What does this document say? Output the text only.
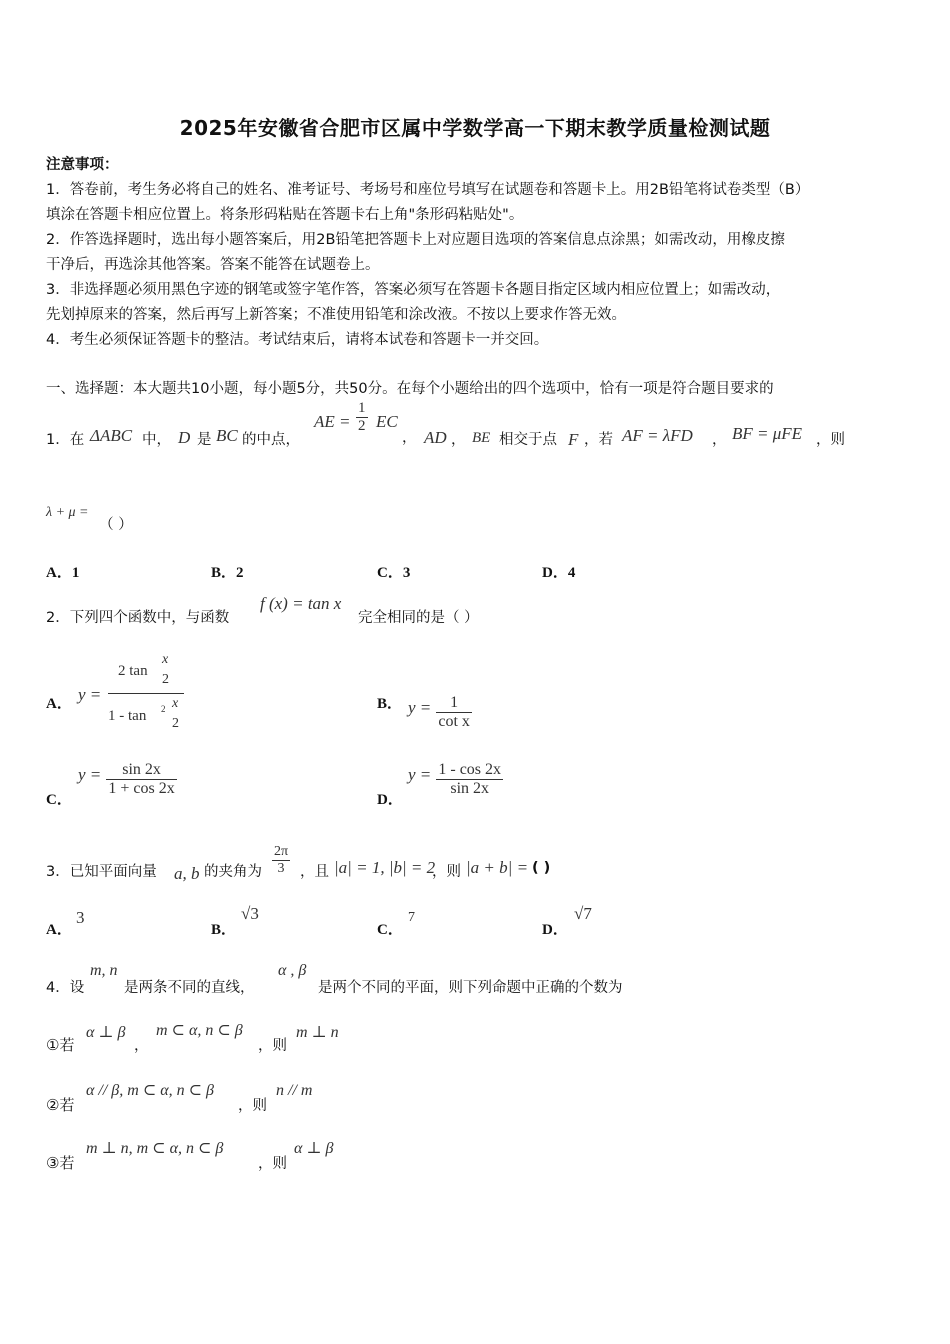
2025年安徽省合肥市区属中学数学高一下期末教学质量检测试题
注意事项：
1．答卷前，考生务必将自己的姓名、准考证号、考场号和座位号填写在试题卷和答题卡上。用2B铅笔将试卷类型（B）
填涂在答题卡相应位置上。将条形码粘贴在答题卡右上角"条形码粘贴处"。
2．作答选择题时，选出每小题答案后，用2B铅笔把答题卡上对应题目选项的答案信息点涂黑；如需改动，用橡皮擦
干净后，再选涂其他答案。答案不能答在试题卷上。
3．非选择题必须用黑色字迹的钢笔或签字笔作答，答案必须写在答题卡各题目指定区域内相应位置上；如需改动，
先划掉原来的答案，然后再写上新答案；不准使用铅笔和涂改液。不按以上要求作答无效。
4．考生必须保证答题卡的整洁。考试结束后，请将本试卷和答题卡一并交回。
一、选择题：本大题共10小题，每小题5分，共50分。在每个小题给出的四个选项中，恰有一项是符合题目要求的
1．在 ΔABC 中， D 是 BC 的中点，
AE = $\frac{1}{2}$ EC
， AD ， BE 相交于点 F ，若 AF = λFD ， BF = μFE ，则
λ + μ = （ ）
A．1	B．2	C．3	D．4
2．下列四个函数中，与函数
f (x) = tan x
完全相同的是（ ）
A． y = 2 tan
x
2
1 - tan 2 x
2	B． $y = \frac{1}{\text{cot x}}$
C．
$y = \frac{\sin 2x}{1 + \cos 2x}$
D．
$y = \frac{1 - \cos 2x}{\sin 2x}$
3．已知平面向量 a, b 的夹角为 $\frac{2\pi}{3}$ ，且 |a| = 1, |b| = 2
，则 |a + b| = ( )
A．
3
B．
√3
C．
7
D．
√7
4．设
m, n
是两条不同的直线，
α , β
是两个不同的平面，则下列命题中正确的个数为
①若
α ⊥ β
，
m ⊂ α, n ⊂ β
，则
m ⊥ n
②若
α // β, m ⊂ α, n ⊂ β
，则
n // m
③若
m ⊥ n, m ⊂ α, n ⊂ β
，则
α ⊥ β
